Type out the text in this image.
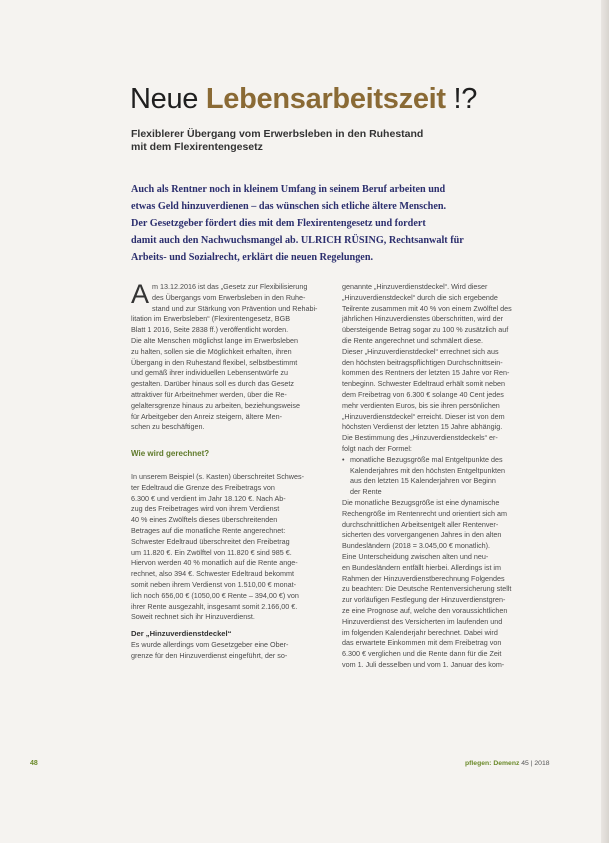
Neue Lebensarbeitszeit !?
Flexiblerer Übergang vom Erwerbsleben in den Ruhestand
mit dem Flexirentengesetz
Auch als Rentner noch in kleinem Umfang in seinem Beruf arbeiten und
etwas Geld hinzuverdienen – das wünschen sich etliche ältere Menschen.
Der Gesetzgeber fördert dies mit dem Flexirentengesetz und fordert
damit auch den Nachwuchsmangel ab. ULRICH RÜSING, Rechtsanwalt für
Arbeits- und Sozialrecht, erklärt die neuen Regelungen.
A m 13.12.2016 ist das „Gesetz zur Flexibilisierung
des Übergangs vom Erwerbsleben in den Ruhe-
stand und zur Stärkung von Prävention und Rehabi-
litation im Erwerbsleben“ (Flexirentengesetz, BGB
Blatt 1 2016, Seite 2838 ff.) veröffentlicht worden.
Die alte Menschen möglichst lange im Erwerbsleben
zu halten, sollen sie die Möglichkeit erhalten, ihren
Übergang in den Ruhestand flexibel, selbstbestimmt
und gemäß ihrer individuellen Lebensentwürfe zu
gestalten. Darüber hinaus soll es durch das Gesetz
attraktiver für Arbeitnehmer werden, über die Re-
gelaltersgrenze hinaus zu arbeiten, beziehungsweise
für Arbeitgeber den Anreiz steigern, ältere Men-
schen zu beschäftigen.
Wie wird gerechnet?
In unserem Beispiel (s. Kasten) überschreitet Schwes-
ter Edeltraud die Grenze des Freibetrags von
6.300 € und verdient im Jahr 18.120 €. Nach Ab-
zug des Freibetrages wird von ihrem Verdienst
40 % eines Zwölftels dieses überschreitenden
Betrages auf die monatliche Rente angerechnet:
Schwester Edeltraud überschreitet den Freibetrag
um 11.820 €. Ein Zwölftel von 11.820 € sind 985 €.
Hiervon werden 40 % monatlich auf die Rente ange-
rechnet, also 394 €. Schwester Edeltraud bekommt
somit neben ihrem Verdienst von 1.510,00 € monat-
lich noch 656,00 € (1050,00 € Rente – 394,00 €) von
ihrer Rente ausgezahlt, insgesamt somit 2.166,00 €.
Soweit rechnet sich ihr Hinzuverdienst.
Der „Hinzuverdienstdeckel“
Es wurde allerdings vom Gesetzgeber eine Ober-
grenze für den Hinzuverdienst eingeführt, der so-
genannte „Hinzuverdienstdeckel“. Wird dieser
„Hinzuverdienstdeckel“ durch die sich ergebende
Teilrente zusammen mit 40 % von einem Zwölftel des
jährlichen Hinzuverdienstes überschritten, wird der
übersteigende Betrag sogar zu 100 % zusätzlich auf
die Rente angerechnet und schmälert diese.
Dieser „Hinzuverdienstdeckel“ errechnet sich aus
den höchsten beitragspflichtigen Durchschnittsein-
kommen des Rentners der letzten 15 Jahre vor Ren-
tenbeginn. Schwester Edeltraud erhält somit neben
dem Freibetrag von 6.300 € solange 40 Cent jedes
mehr verdienten Euros, bis sie ihren persönlichen
„Hinzuverdienstdeckel“ erreicht. Dieser ist von dem
höchsten Verdienst der letzten 15 Jahre abhängig.
Die Bestimmung des „Hinzuverdienstdeckels“ er-
folgt nach der Formel:
• monatliche Bezugsgröße mal Entgeltpunkte des
Kalenderjahres mit den höchsten Entgeltpunkten
aus den letzten 15 Kalenderjahren vor Beginn
der Rente
Die monatliche Bezugsgröße ist eine dynamische
Rechengröße im Rentenrecht und orientiert sich am
durchschnittlichen Arbeitsentgelt aller Rentenver-
sicherten des vorvergangenen Jahres in den alten
Bundesländern (2018 = 3.045,00 € monatlich).
Eine Unterscheidung zwischen alten und neu-
en Bundesländern entfällt hierbei. Allerdings ist im
Rahmen der Hinzuverdienstberechnung Folgendes
zu beachten: Die Deutsche Rentenversicherung stellt
zur vorläufigen Festlegung der Hinzuverdienstgren-
ze eine Prognose auf, welche den voraussichtlichen
Hinzuverdienst des Versicherten im laufenden und
im folgenden Kalenderjahr berechnet. Dabei wird
das erwartete Einkommen mit dem Freibetrag von
6.300 € verglichen und die Rente dann für die Zeit
vom 1. Juli desselben und vom 1. Januar des kom-
48	pflegen: Demenz 45 | 2018
